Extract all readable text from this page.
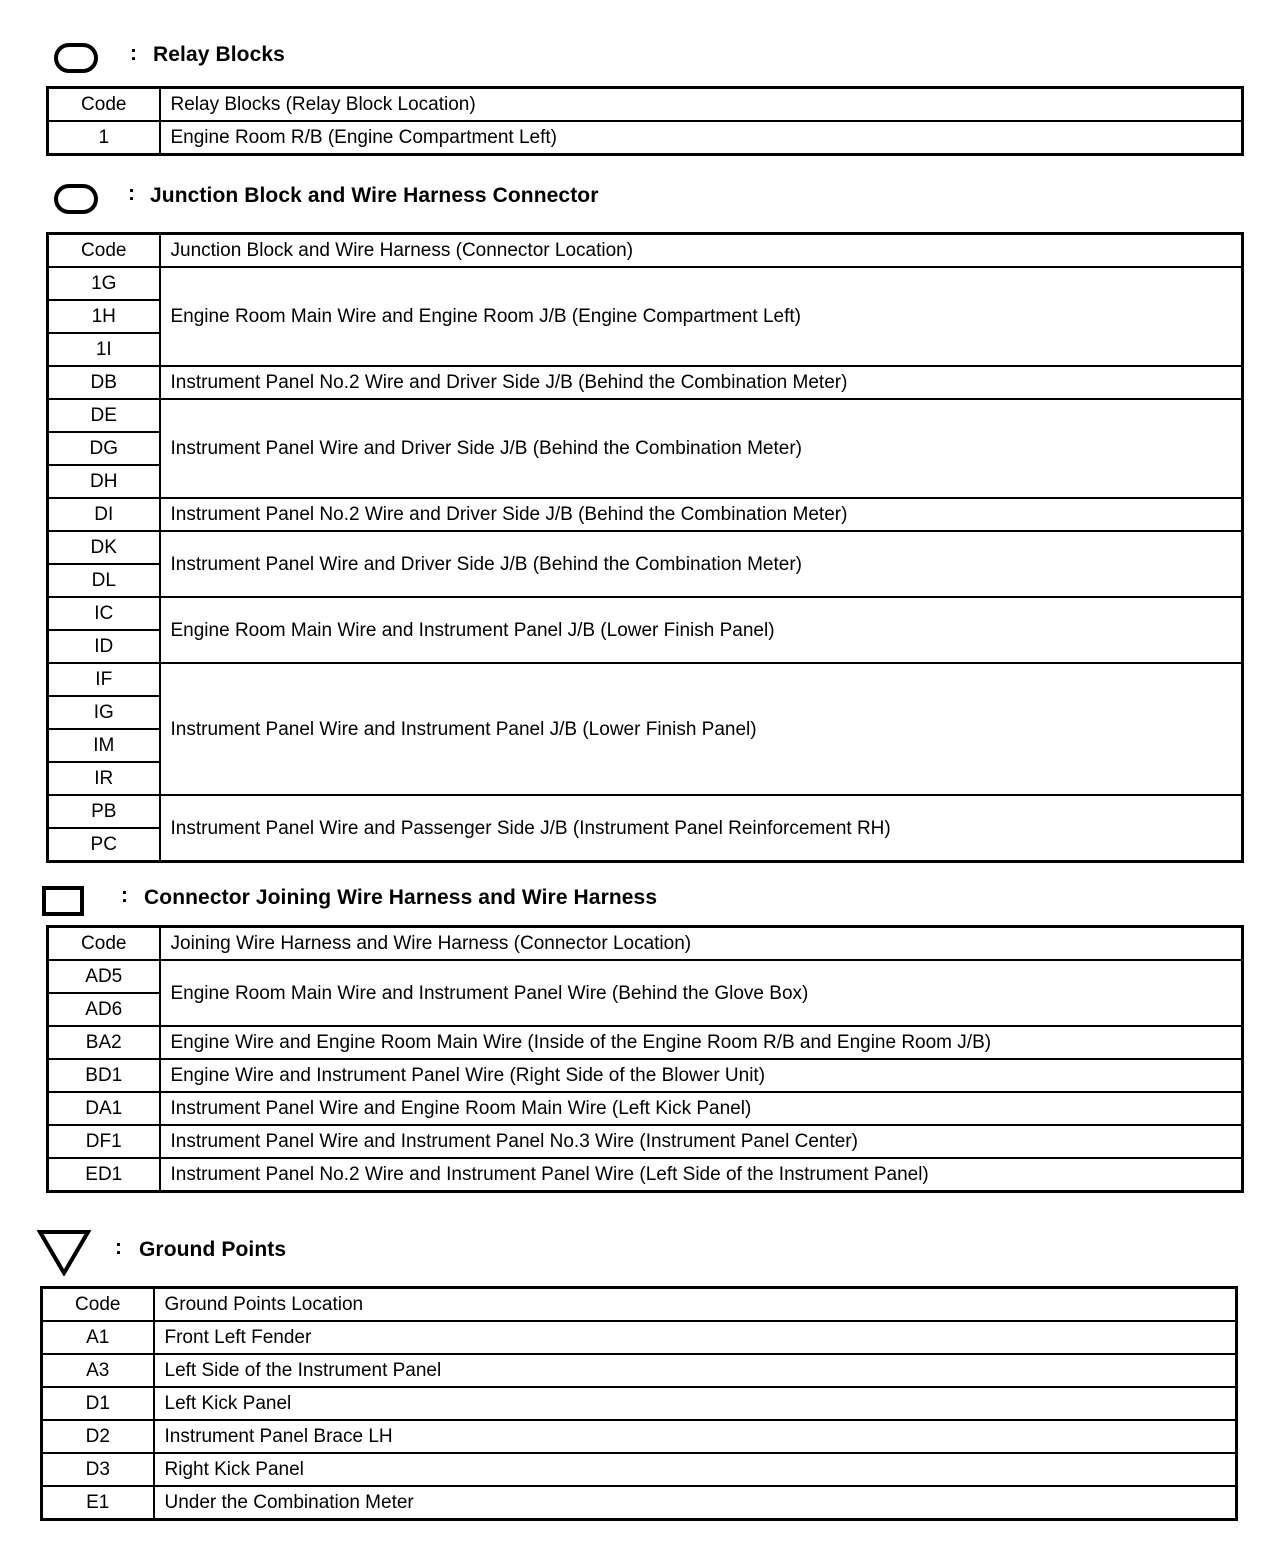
: Relay Blocks
Code	Relay Blocks (Relay Block Location)
1	Engine Room R/B (Engine Compartment Left)
: Junction Block and Wire Harness Connector
Code	Junction Block and Wire Harness (Connector Location)
1G	Engine Room Main Wire and Engine Room J/B (Engine Compartment Left)
1H	
1I	
DB	Instrument Panel No.2 Wire and Driver Side J/B (Behind the Combination Meter)
DE	Instrument Panel Wire and Driver Side J/B (Behind the Combination Meter)
DG	
DH	
DI	Instrument Panel No.2 Wire and Driver Side J/B (Behind the Combination Meter)
DK	Instrument Panel Wire and Driver Side J/B (Behind the Combination Meter)
DL	
IC	Engine Room Main Wire and Instrument Panel J/B (Lower Finish Panel)
ID	
IF	Instrument Panel Wire and Instrument Panel J/B (Lower Finish Panel)
IG	
IM	
IR	
PB	Instrument Panel Wire and Passenger Side J/B (Instrument Panel Reinforcement RH)
PC	
: Connector Joining Wire Harness and Wire Harness
Code	Joining Wire Harness and Wire Harness (Connector Location)
AD5	Engine Room Main Wire and Instrument Panel Wire (Behind the Glove Box)
AD6	
BA2	Engine Wire and Engine Room Main Wire (Inside of the Engine Room R/B and Engine Room J/B)
BD1	Engine Wire and Instrument Panel Wire (Right Side of the Blower Unit)
DA1	Instrument Panel Wire and Engine Room Main Wire (Left Kick Panel)
DF1	Instrument Panel Wire and Instrument Panel No.3 Wire (Instrument Panel Center)
ED1	Instrument Panel No.2 Wire and Instrument Panel Wire (Left Side of the Instrument Panel)
: Ground Points
Code	Ground Points Location
A1	Front Left Fender
A3	Left Side of the Instrument Panel
D1	Left Kick Panel
D2	Instrument Panel Brace LH
D3	Right Kick Panel
E1	Under the Combination Meter
